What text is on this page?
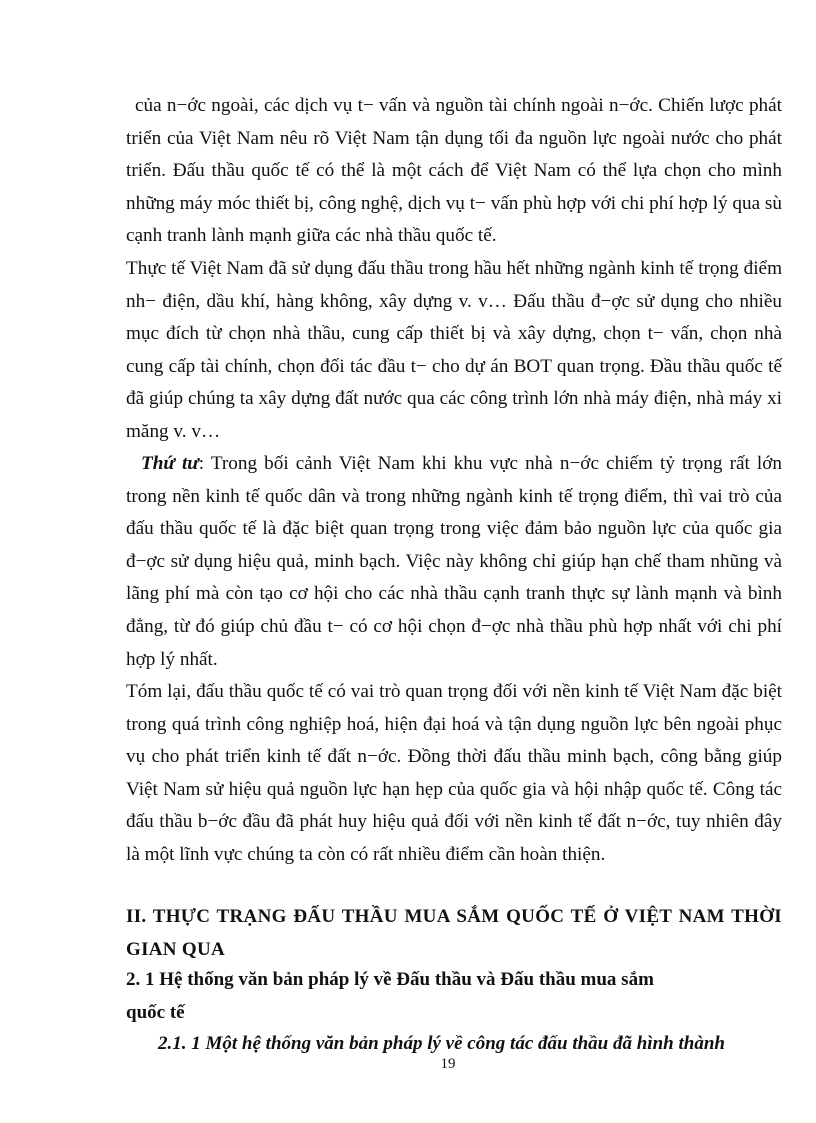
của n−ớc ngoài, các dịch vụ t− vấn và nguồn tài chính ngoài n−ớc. Chiến lược phát triển của Việt Nam nêu rõ Việt Nam tận dụng tối đa nguồn lực ngoài nước cho phát triển. Đấu thầu quốc tế có thể là một cách để Việt Nam có thể lựa chọn cho mình những máy móc thiết bị, công nghệ, dịch vụ t− vấn phù hợp với chi phí hợp lý qua sù cạnh tranh lành mạnh giữa các nhà thầu quốc tế.

Thực tế Việt Nam đã sử dụng đấu thầu trong hầu hết những ngành kinh tế trọng điểm nh− điện, dầu khí, hàng không, xây dựng v. v… Đấu thầu đ−ợc sử dụng cho nhiều mục đích từ chọn nhà thầu, cung cấp thiết bị và xây dựng, chọn t− vấn, chọn nhà cung cấp tài chính, chọn đối tác đầu t− cho dự án BOT quan trọng. Đầu thầu quốc tế đã giúp chúng ta xây dựng đất nước qua các công trình lớn nhà máy điện, nhà máy xi măng v. v…

Thứ tư: Trong bối cảnh Việt Nam khi khu vực nhà n−ớc chiếm tỷ trọng rất lớn trong nền kinh tế quốc dân và trong những ngành kinh tế trọng điểm, thì vai trò của đấu thầu quốc tế là đặc biệt quan trọng trong việc đảm bảo nguồn lực của quốc gia đ−ợc sử dụng hiệu quả, minh bạch. Việc này không chỉ giúp hạn chế tham nhũng và lãng phí mà còn tạo cơ hội cho các nhà thầu cạnh tranh thực sự lành mạnh và bình đẳng, từ đó giúp chủ đầu t− có cơ hội chọn đ−ợc nhà thầu phù hợp nhất với chi phí hợp lý nhất.

Tóm lại, đấu thầu quốc tế có vai trò quan trọng đối với nền kinh tế Việt Nam đặc biệt trong quá trình công nghiệp hoá, hiện đại hoá và tận dụng nguồn lực bên ngoài phục vụ cho phát triển kinh tế đất n−ớc. Đồng thời đấu thầu minh bạch, công bằng giúp Việt Nam sử hiệu quả nguồn lực hạn hẹp của quốc gia và hội nhập quốc tế. Công tác đấu thầu b−ớc đầu đã phát huy hiệu quả đối với nền kinh tế đất n−ớc, tuy nhiên đây là một lĩnh vực chúng ta còn có rất nhiều điểm cần hoàn thiện.

II. THỰC TRẠNG ĐẤU THẦU MUA SẮM QUỐC TẾ Ở VIỆT NAM THỜI GIAN QUA
2. 1 Hệ thống văn bản pháp lý về Đấu thầu và Đấu thầu mua sắm
quốc tế
2.1. 1 Một hệ thống văn bản pháp lý về công tác đấu thầu đã hình thành

19
